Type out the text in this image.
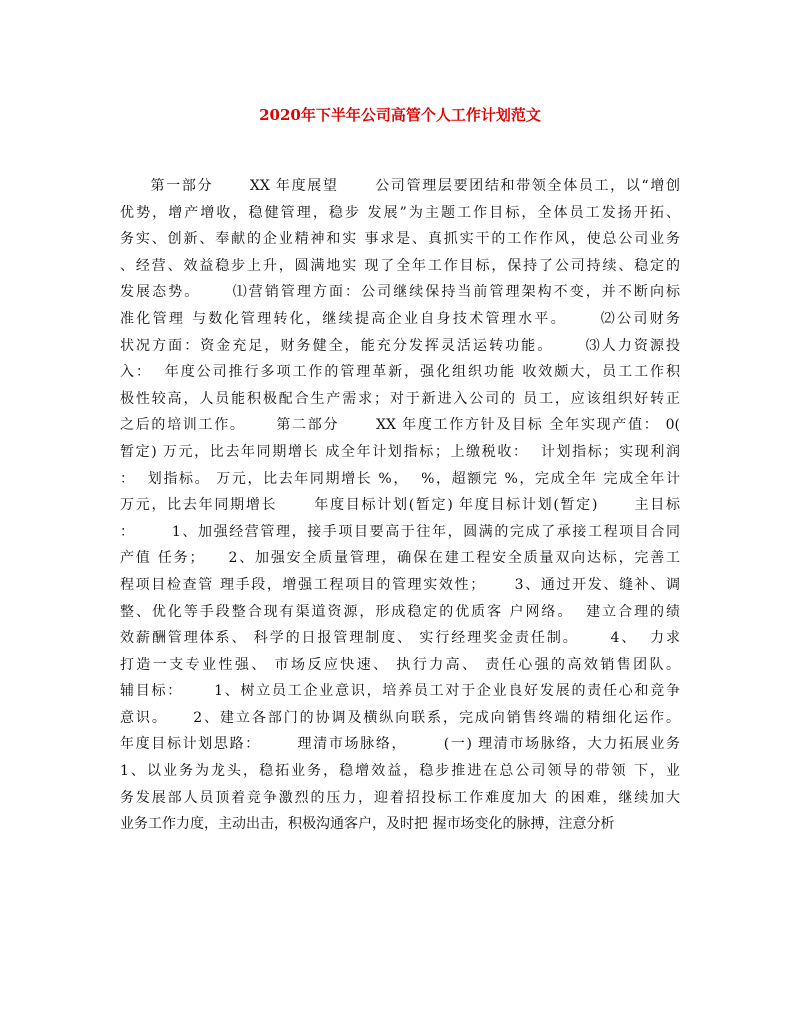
2020年下半年公司高管个人工作计划范文
第一部分      XX 年度展望      公司管理层要团结和带领全体员工，以“增创
优势，增产增收，稳健管理，稳步 发展”为主题工作目标，全体员工发扬开拓、
务实、创新、奉献的企业精神和实 事求是、真抓实干的工作作风，使总公司业务
、经营、效益稳步上升，圆满地实 现了全年工作目标，保持了公司持续、稳定的
发展态势。     ⑴营销管理方面：公司继续保持当前管理架构不变，并不断向标
准化管理 与数化管理转化，继续提高企业自身技术管理水平。     ⑵公司财务
状况方面：资金充足，财务健全，能充分发挥灵活运转功能。     ⑶人力资源投
入：  年度公司推行多项工作的管理革新，强化组织功能 收效颇大，员工工作积
极性较高，人员能积极配合生产需求；对于新进入公司的 员工，应该组织好转正
之后的培训工作。     第二部分      XX 年度工作方针及目标 全年实现产值： 0(
暂定) 万元，比去年同期增长 成全年计划指标；上缴税收：  计划指标；实现利润
：  划指标。 万元，比去年同期增长 %，  %，超额完 %，完成全年 完成全年计
万元，比去年同期增长      年度目标计划(暂定) 年度目标计划(暂定)      主目标
：      1、加强经营管理，接手项目要高于往年，圆满的完成了承接工程项目合同
产值 任务；    2、加强安全质量管理，确保在建工程安全质量双向达标，完善工
程项目检查管 理手段，增强工程项目的管理实效性；     3、通过开发、缝补、调
整、优化等手段整合现有渠道资源，形成稳定的优质客 户网络。  建立合理的绩
效薪酬管理体系、 科学的日报管理制度、 实行经理奖金责任制。     4、  力求
打造一支专业性强、 市场反应快速、 执行力高、 责任心强的高效销售团队。
辅目标：     1、树立员工企业意识，培养员工对于企业良好发展的责任心和竞争
意识。    2、建立各部门的协调及横纵向联系，完成向销售终端的精细化运作。
年度目标计划思路：      理清市场脉络，      (一) 理清市场脉络，大力拓展业务
1、以业务为龙头，稳拓业务，稳增效益，稳步推进在总公司领导的带领 下，业
务发展部人员顶着竞争激烈的压力，迎着招投标工作难度加大 的困难，继续加大
业务工作力度，主动出击，积极沟通客户，及时把 握市场变化的脉搏，注意分析
